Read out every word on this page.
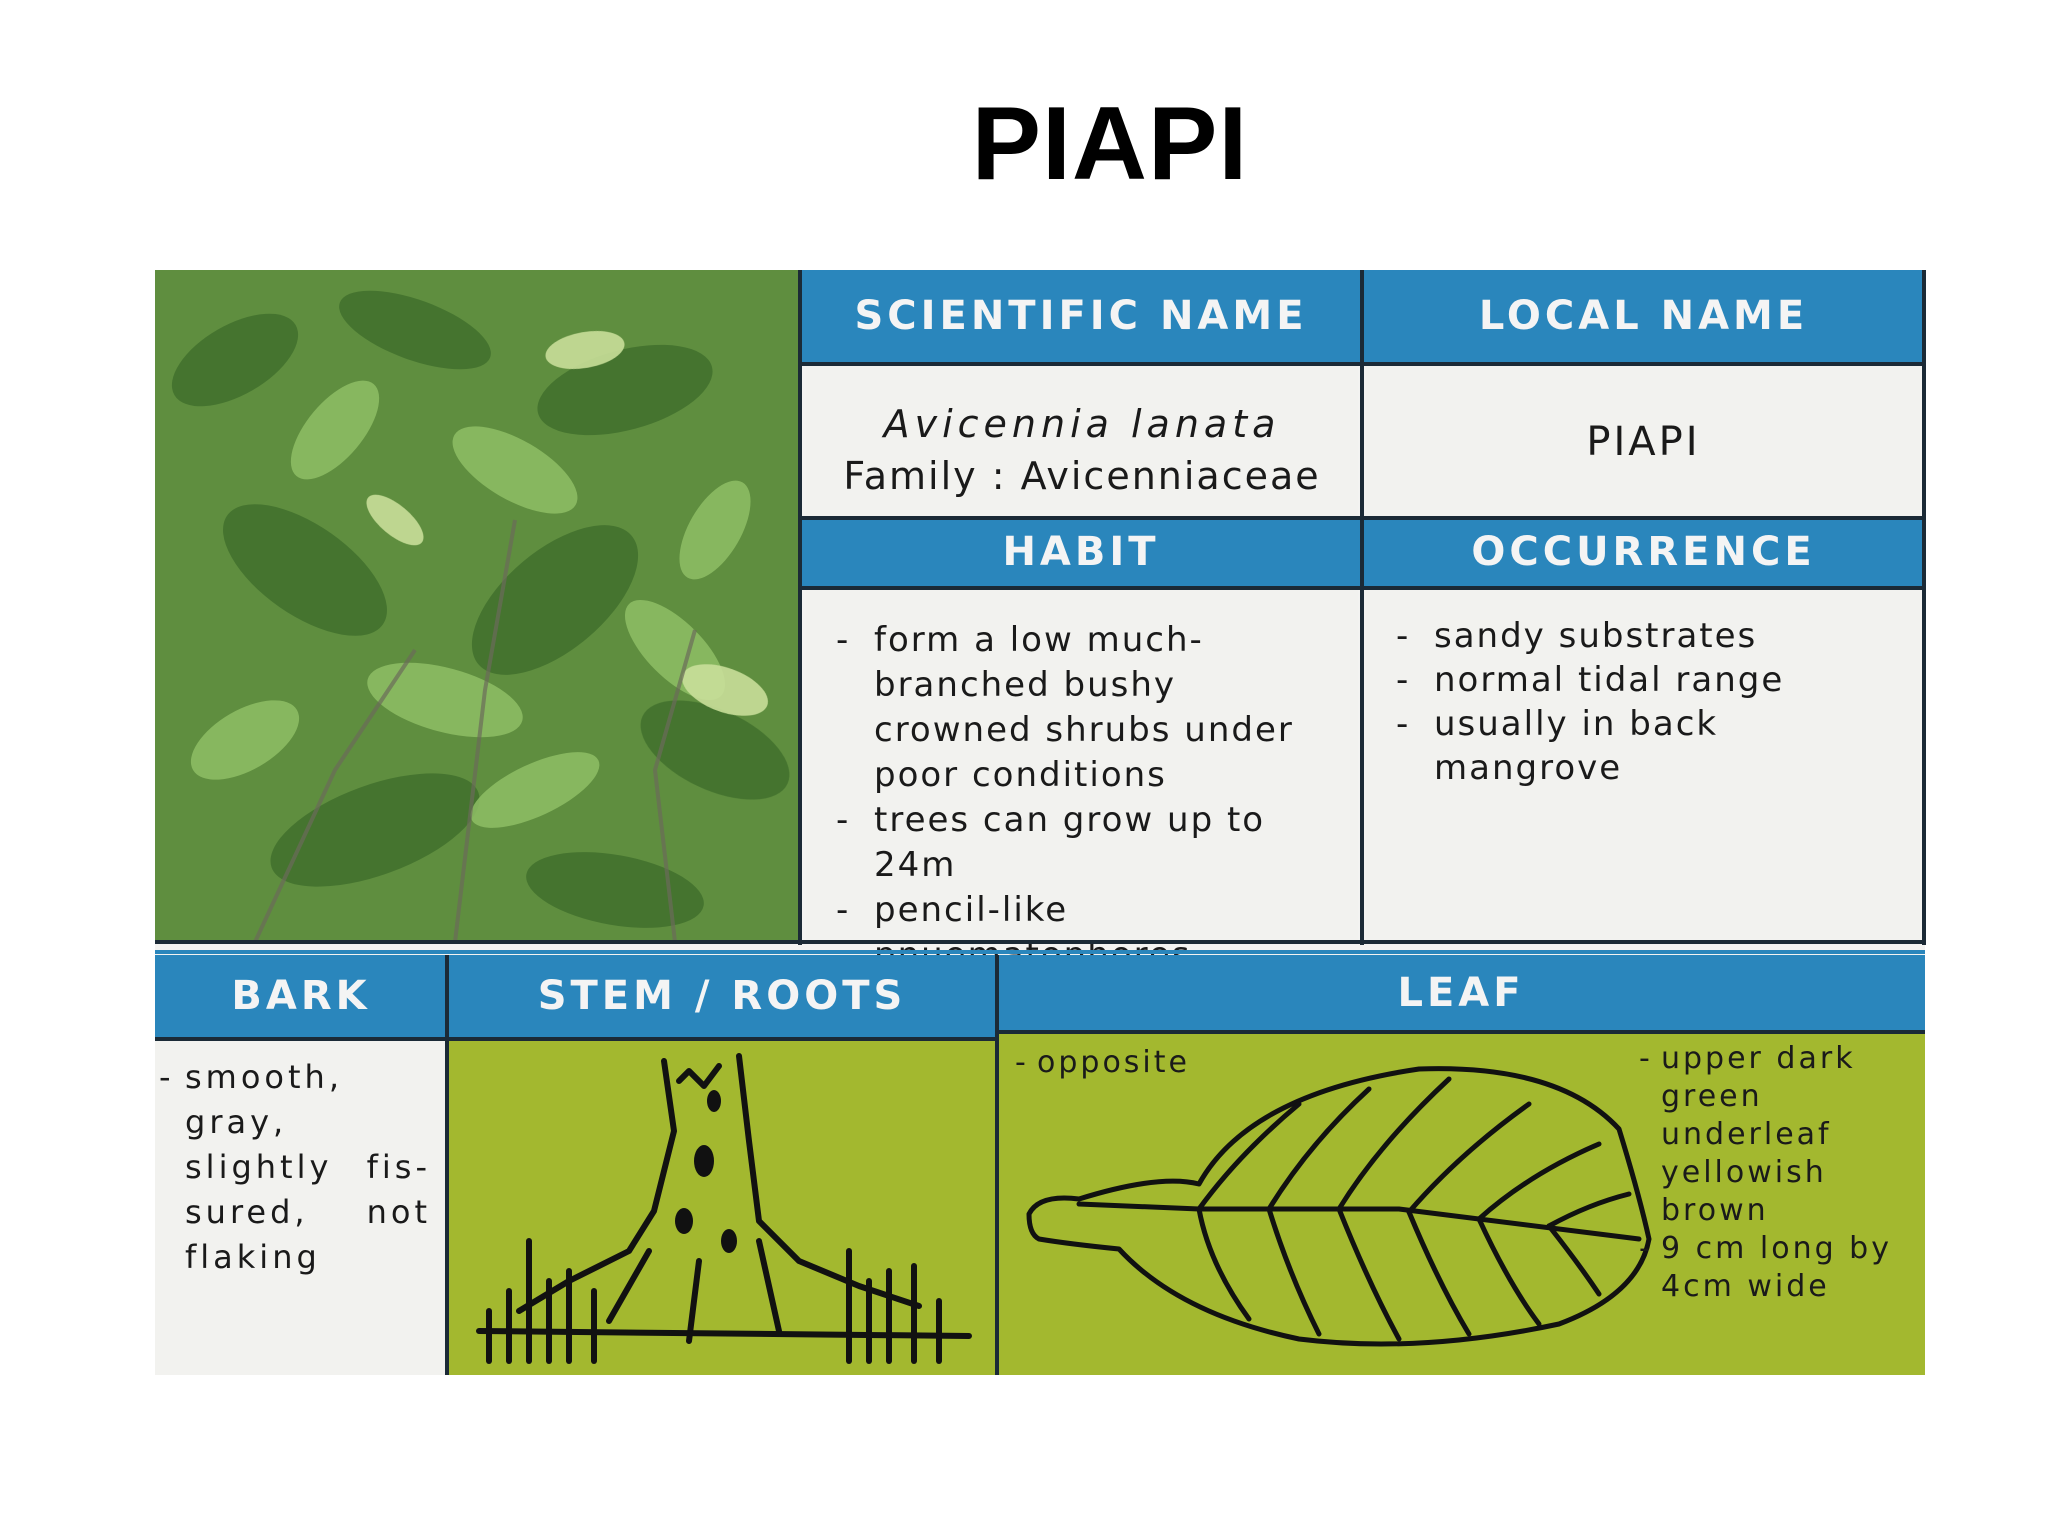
PIAPI
SCIENTIFIC NAME	LOCAL NAME
Avicennia lanata
Family : Avicenniaceae
PIAPI
HABIT	OCCURRENCE
- form a low much-branched bushy crowned shrubs under poor conditions
- trees can grow up to 24m
- pencil-like
- sandy substrates
- normal tidal range
- usually in back mangrove
BARK	STEM / ROOTS	LEAF
- smooth, gray, slightly fis-sured, not flaking
- opposite
-	upper dark green underleaf yellowish brown
- 9 cm long by 4cm wide
